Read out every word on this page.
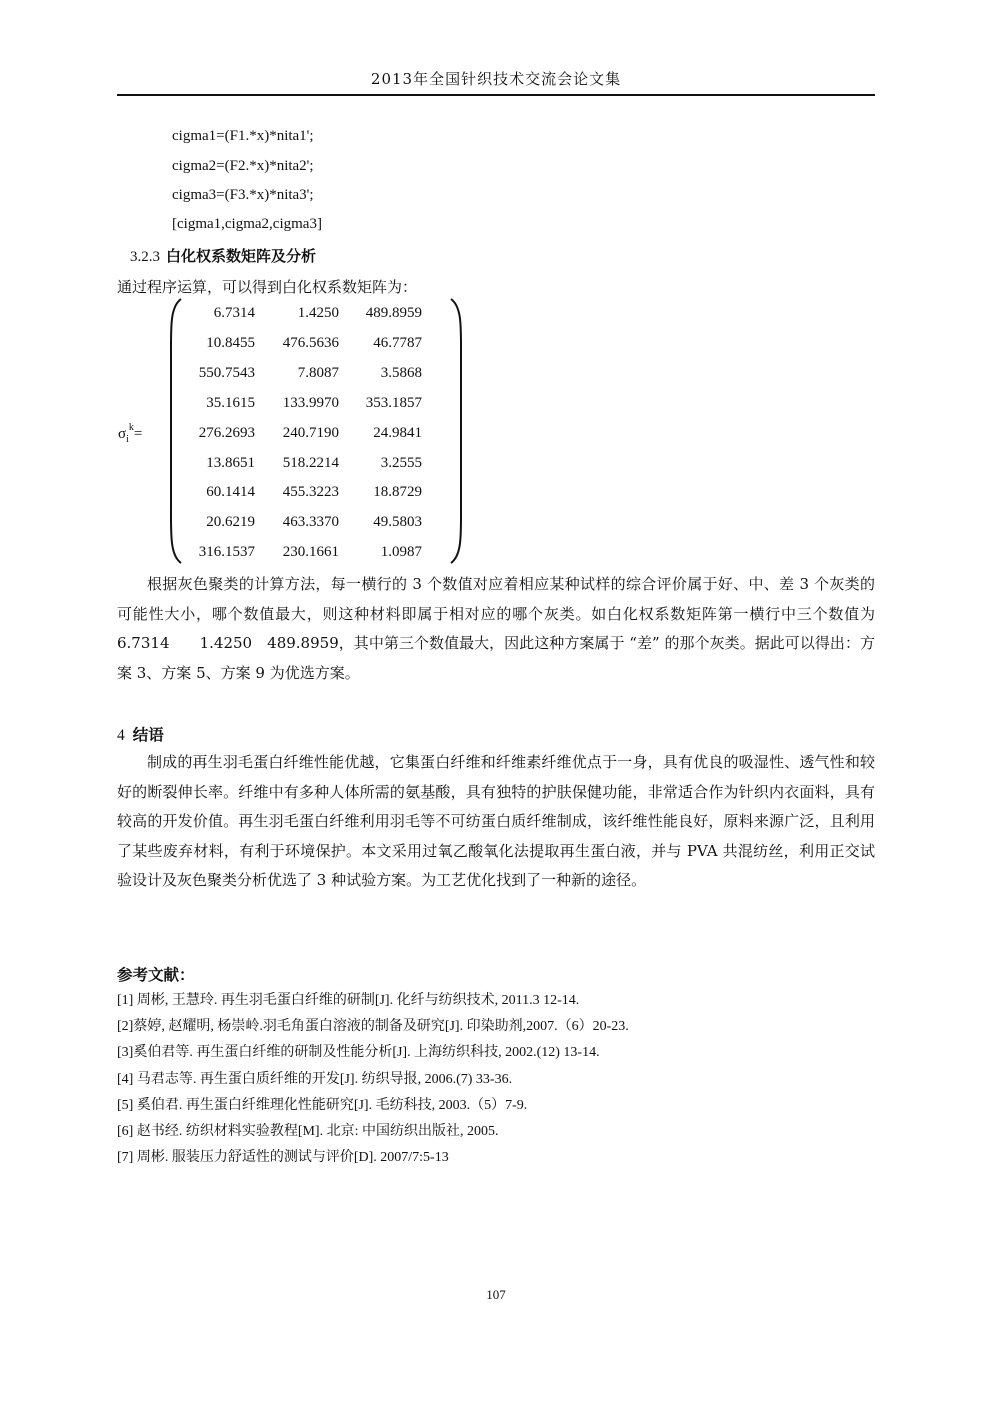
2013年全国针织技术交流会论文集
cigma1=(F1.*x)*nita1';
cigma2=(F2.*x)*nita2';
cigma3=(F3.*x)*nita3';
[cigma1,cigma2,cigma3]
3.2.3 白化权系数矩阵及分析
通过程序运算，可以得到白化权系数矩阵为：
$\sigma_i^k=$
6.7314	1.4250	489.8959
10.8455	476.5636	46.7787
550.7543	7.8087	3.5868
35.1615	133.9970	353.1857
276.2693	240.7190	24.9841
13.8651	518.2214	3.2555
60.1414	455.3223	18.8729
20.6219	463.3370	49.5803
316.1537	230.1661	1.0987
根据灰色聚类的计算方法，每一横行的 3 个数值对应着相应某种试样的综合评价属于好、中、差 3 个灰类的可能性大小，哪个数值最大，则这种材料即属于相对应的哪个灰类。如白化权系数矩阵第一横行中三个数值为 6.7314　　1.4250　489.8959，其中第三个数值最大，因此这种方案属于 “差” 的那个灰类。据此可以得出：方案 3、方案 5、方案 9 为优选方案。
4 结语
制成的再生羽毛蛋白纤维性能优越，它集蛋白纤维和纤维素纤维优点于一身，具有优良的吸湿性、透气性和较好的断裂伸长率。纤维中有多种人体所需的氨基酸，具有独特的护肤保健功能，非常适合作为针织内衣面料，具有较高的开发价值。再生羽毛蛋白纤维利用羽毛等不可纺蛋白质纤维制成，该纤维性能良好，原料来源广泛，且利用了某些废弃材料，有利于环境保护。本文采用过氧乙酸氧化法提取再生蛋白液，并与 PVA 共混纺丝，利用正交试验设计及灰色聚类分析优选了 3 种试验方案。为工艺优化找到了一种新的途径。
参考文献：
[1] 周彬, 王慧玲. 再生羽毛蛋白纤维的研制[J]. 化纤与纺织技术, 2011.3 12-14.
[2]蔡婷, 赵耀明, 杨崇岭.羽毛角蛋白溶液的制备及研究[J]. 印染助剂,2007.（6）20-23.
[3]奚伯君等. 再生蛋白纤维的研制及性能分析[J]. 上海纺织科技, 2002.(12) 13-14.
[4] 马君志等. 再生蛋白质纤维的开发[J]. 纺织导报, 2006.(7) 33-36.
[5] 奚伯君. 再生蛋白纤维理化性能研究[J]. 毛纺科技, 2003.（5）7-9.
[6] 赵书经. 纺织材料实验教程[M]. 北京: 中国纺织出版社, 2005.
[7] 周彬. 服装压力舒适性的测试与评价[D]. 2007/7:5-13
107
